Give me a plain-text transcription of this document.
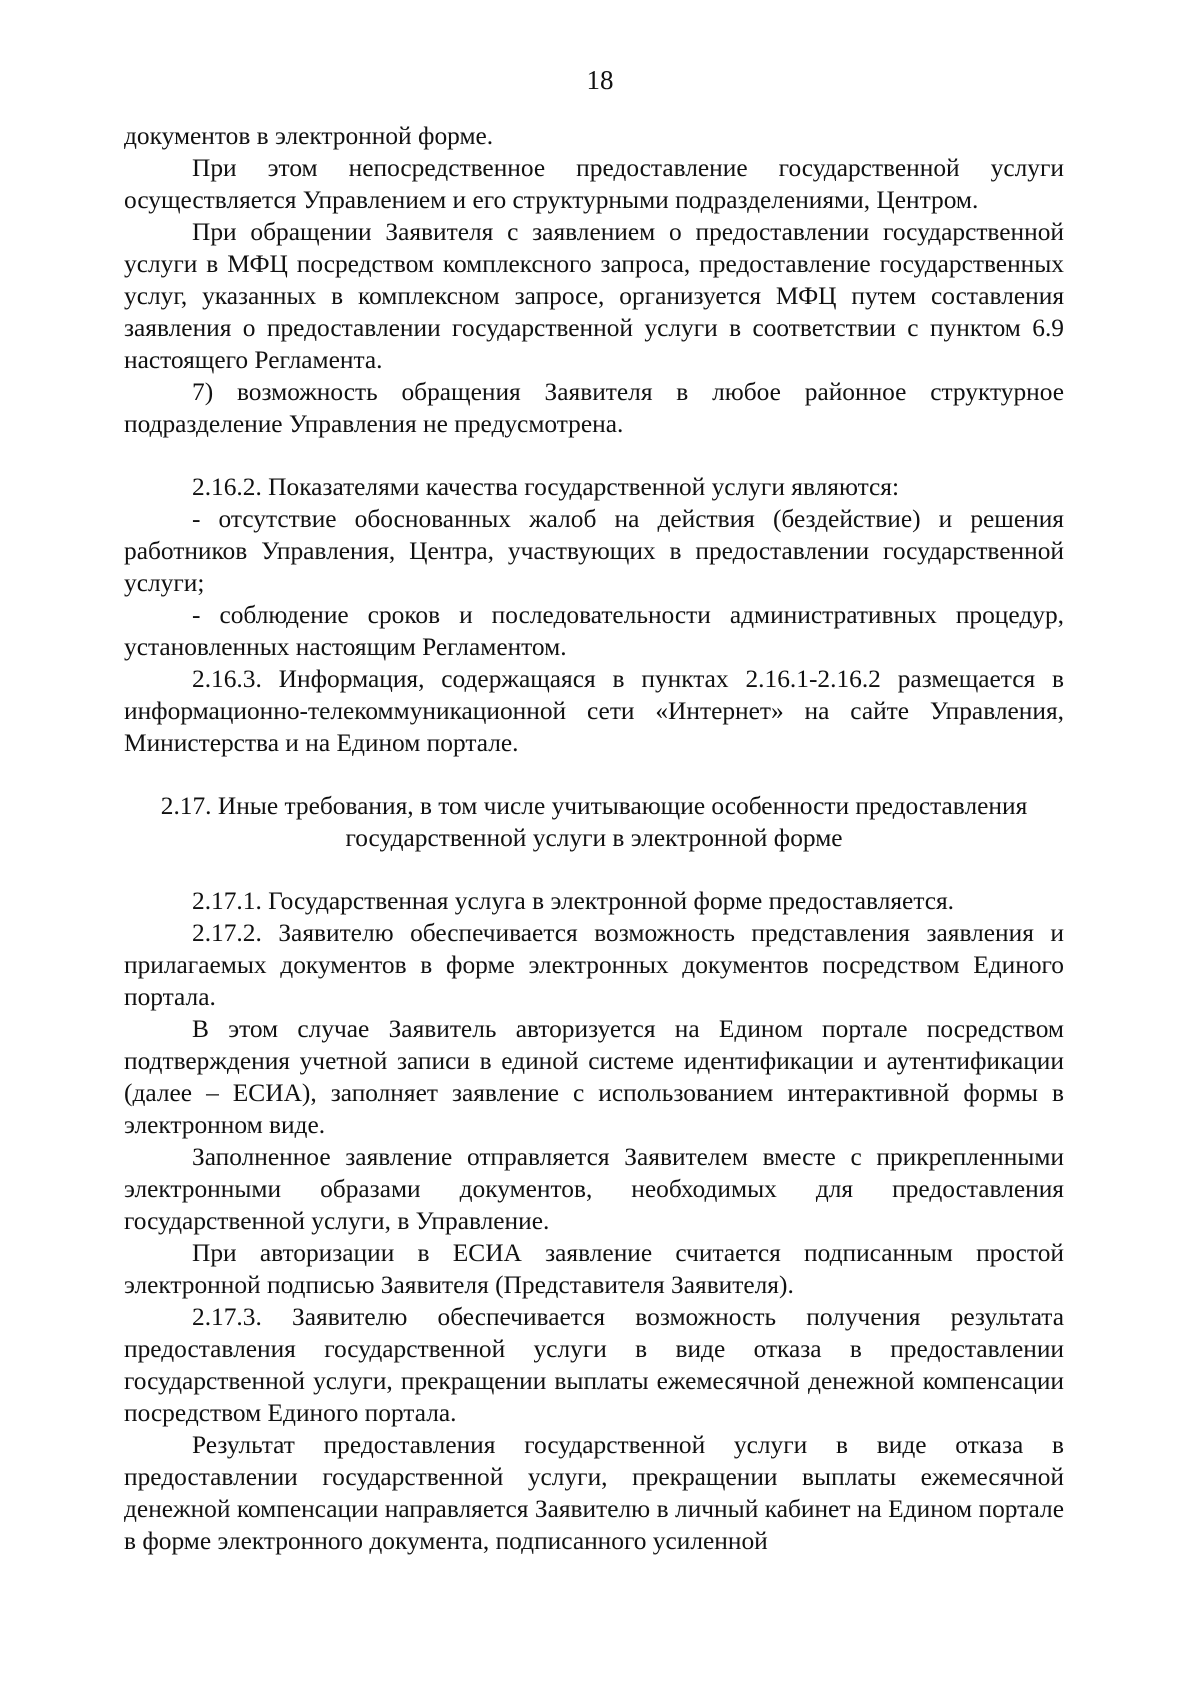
18

документов в электронной форме.

При этом непосредственное предоставление государственной услуги осуществляется Управлением и его структурными подразделениями, Центром.

При обращении Заявителя с заявлением о предоставлении государственной услуги в МФЦ посредством комплексного запроса, предоставление государственных услуг, указанных в комплексном запросе, организуется МФЦ путем составления заявления о предоставлении государственной услуги в соответствии с пунктом 6.9 настоящего Регламента.

7) возможность обращения Заявителя в любое районное структурное подразделение Управления не предусмотрена.

2.16.2. Показателями качества государственной услуги являются:

- отсутствие обоснованных жалоб на действия (бездействие) и решения работников Управления, Центра, участвующих в предоставлении государственной услуги;

- соблюдение сроков и последовательности административных процедур, установленных настоящим Регламентом.

2.16.3. Информация, содержащаяся в пунктах 2.16.1-2.16.2 размещается в информационно-телекоммуникационной сети «Интернет» на сайте Управления, Министерства и на Едином портале.

2.17. Иные требования, в том числе учитывающие особенности предоставления
государственной услуги в электронной форме

2.17.1. Государственная услуга в электронной форме предоставляется.

2.17.2. Заявителю обеспечивается возможность представления заявления и прилагаемых документов в форме электронных документов посредством Единого портала.

В этом случае Заявитель авторизуется на Едином портале посредством подтверждения учетной записи в единой системе идентификации и аутентификации (далее – ЕСИА), заполняет заявление с использованием интерактивной формы в электронном виде.

Заполненное заявление отправляется Заявителем вместе с прикрепленными электронными образами документов, необходимых для предоставления государственной услуги, в Управление.

При авторизации в ЕСИА заявление считается подписанным простой электронной подписью Заявителя (Представителя Заявителя).

2.17.3. Заявителю обеспечивается возможность получения результата предоставления государственной услуги в виде отказа в предоставлении государственной услуги, прекращении выплаты ежемесячной денежной компенсации посредством Единого портала.

Результат предоставления государственной услуги в виде отказа в предоставлении государственной услуги, прекращении выплаты ежемесячной денежной компенсации направляется Заявителю в личный кабинет на Едином портале в форме электронного документа, подписанного усиленной
